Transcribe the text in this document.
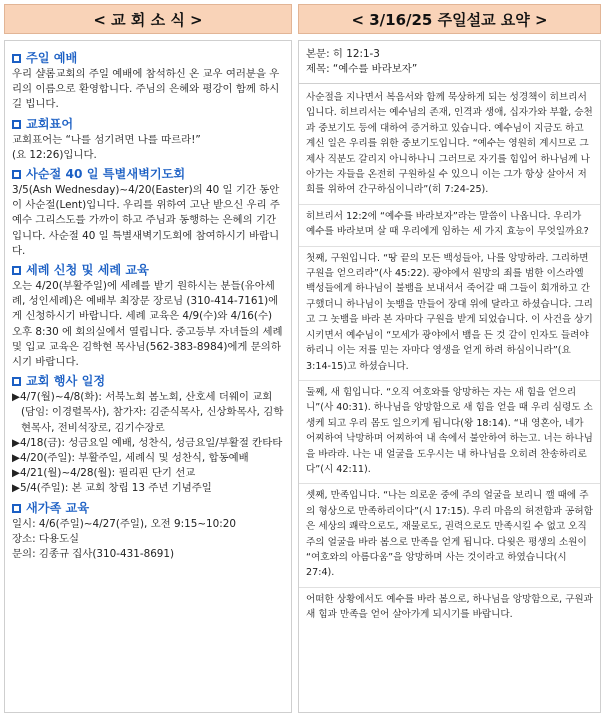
< 교 회 소 식 >	< 3/16/25 주일설교 요약 >
주일 예배

우리 샬롬교회의 주일 예배에 참석하신 온 교우 여러분을 우리의 이름으로 환영합니다. 주님의 은혜와 평강이 함께 하시길 빕니다.

교회표어

교회표어는 “나를 섬기려면 나를 따르라!”

(요 12:26)입니다.

사순절 40 일 특별새벽기도회

3/5(Ash Wednesday)~4/20(Easter)의 40 일 기간 동안이 사순절(Lent)입니다. 우리를 위하여 고난 받으신 우리 주 예수 그리스도를 가까이 하고 주님과 동행하는 은혜의 기간입니다. 사순절 40 일 특별새벽기도회에 참여하시기 바랍니다.

세례 신청 및 세례 교육

오는 4/20(부활주일)에 세례를 받기 원하시는 분들(유아세례, 성인세례)은 예배부 최장문 장로님 (310-414-7161)에게 신청하시기 바랍니다. 세례 교육은 4/9(수)와 4/16(수) 오후 8:30 에 회의실에서 열립니다. 중고등부 자녀들의 세례 및 입교 교육은 김학현 목사님(562-383-8984)에게 문의하시기 바랍니다.

교회 행사 일정

▶4/7(월)~4/8(화): 서북노회 봄노회, 산호세 더웨이 교회(담임: 이경렬목사), 참가자: 김준식목사, 신상화목사, 김학현목사, 전비석장로, 김기수장로

▶4/18(금): 성금요일 예배, 성찬식, 성금요일/부활절 칸타타

▶4/20(주일): 부활주일, 세례식 및 성찬식, 합동예배

▶4/21(월)~4/28(월): 필리핀 단기 선교

▶5/4(주일): 본 교회 창립 13 주년 기념주일

새가족 교육

일시: 4/6(주일)~4/27(주일), 오전 9:15~10:20

장소: 다용도실

문의: 김종규 집사(310-431-8691)

본문: 히 12:1-3
제목: “예수를 바라보자”

사순절을 지나면서 복음서와 함께 묵상하게 되는 성경책이 히브리서입니다. 히브리서는 예수님의 존재, 인격과 생애, 십자가와 부활, 승천과 중보기도 등에 대하여 증거하고 있습니다. 예수님이 지금도 하고 계신 일은 우리를 위한 중보기도입니다. “예수는 영원히 계시므로 그 제사 직분도 갈리지 아니하나니 그러므로 자기를 힘입어 하나님께 나아가는 자들을 온전히 구원하실 수 있으니 이는 그가 항상 살아서 저희를 위하여 간구하심이니라”(히 7:24-25).

히브리서 12:2에 “예수를 바라보자”라는 말씀이 나옵니다. 우리가 예수를 바라보며 살 때 우리에게 임하는 세 가지 효능이 무엇일까요?

첫째, 구원입니다. “땅 끝의 모든 백성들아, 나를 앙망하라. 그리하면 구원을 얻으리라”(사 45:22). 광야에서 원망의 죄를 범한 이스라엘 백성들에게 하나님이 불뱀을 보내셔서 죽어갈 때 그들이 회개하고 간구했더니 하나님이 놋뱀을 만들어 장대 위에 달라고 하셨습니다. 그리고 그 놋뱀을 바라 본 자마다 구원을 받게 되었습니다. 이 사건을 상기시키면서 예수님이 “모세가 광야에서 뱀을 든 것 같이 인자도 들려야 하리니 이는 저를 믿는 자마다 영생을 얻게 하려 하심이니라”(요 3:14-15)고 하셨습니다.

둘째, 새 힘입니다. “오직 여호와를 앙망하는 자는 새 힘을 얻으리니”(사 40:31). 하나님을 앙망함으로 새 힘을 얻을 때 우리 심령도 소생케 되고 우리 몸도 일으키게 됩니다(왕 18:14). “내 영혼아, 네가 어찌하여 낙망하며 어찌하여 내 속에서 불안하여 하는고. 너는 하나님을 바라라. 나는 내 얼굴을 도우시는 내 하나님을 오히려 찬송하리로다”(시 42:11).

셋째, 만족입니다. “나는 의로운 중에 주의 얼굴을 보리니 깰 때에 주의 형상으로 만족하리이다”(시 17:15). 우리 마음의 허전함과 공허함은 세상의 쾌락으로도, 재물로도, 권력으로도 만족시킬 수 없고 오직 주의 얼굴을 바라 봄으로 만족을 얻게 됩니다. 다윗은 평생의 소원이 “여호와의 아름다움”을 앙망하며 사는 것이라고 하였습니다(시 27:4).

어떠한 상황에서도 예수를 바라 봄으로, 하나님을 앙망함으로, 구원과 새 힘과 만족을 얻어 살아가게 되시기를 바랍니다.
